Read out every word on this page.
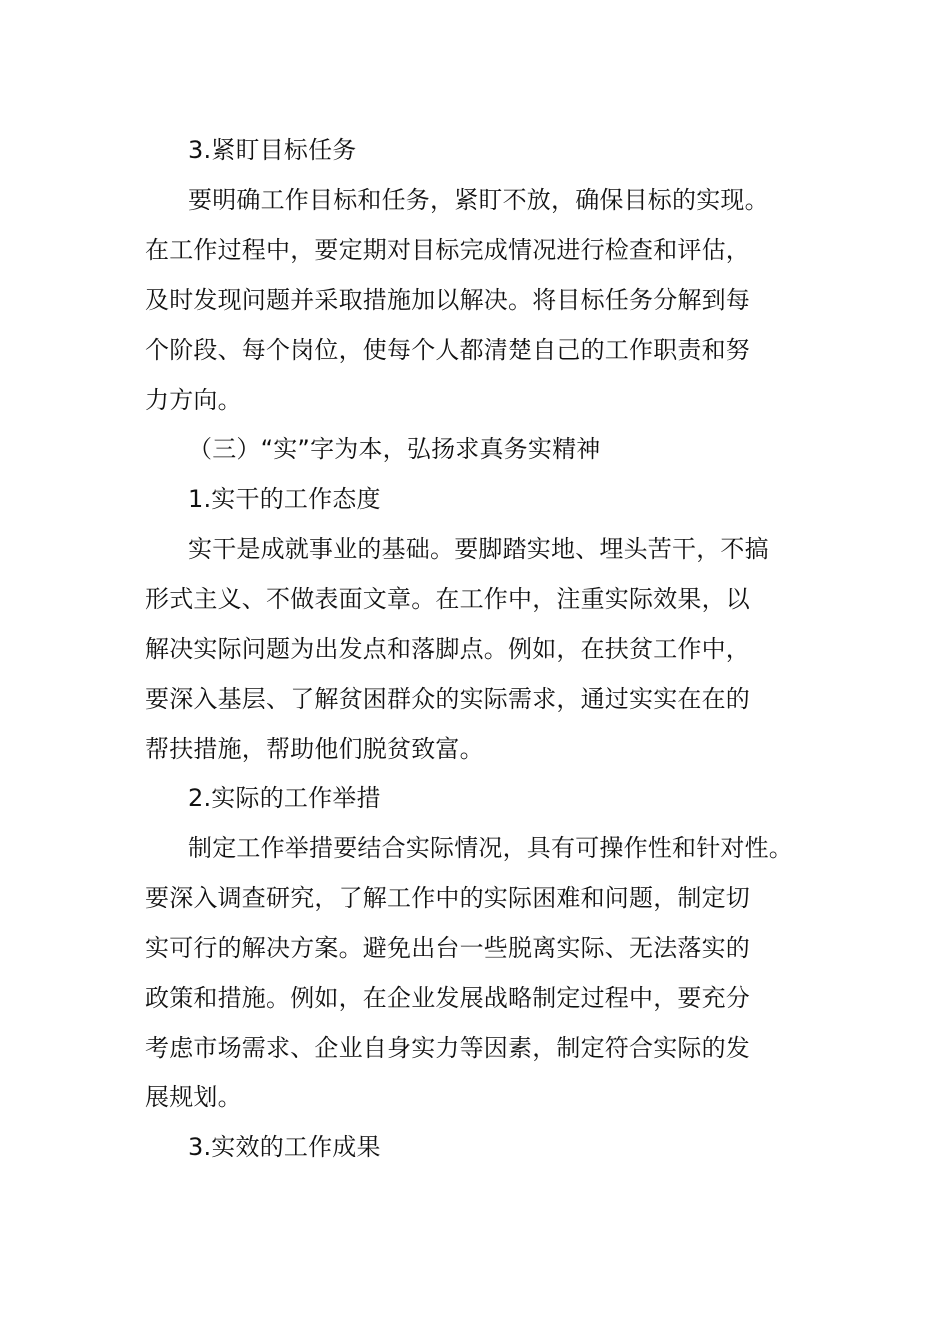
3.紧盯目标任务
要明确工作目标和任务，紧盯不放，确保目标的实现。
在工作过程中，要定期对目标完成情况进行检查和评估，
及时发现问题并采取措施加以解决。将目标任务分解到每
个阶段、每个岗位，使每个人都清楚自己的工作职责和努
力方向。
（三）“实”字为本，弘扬求真务实精神
1.实干的工作态度
实干是成就事业的基础。要脚踏实地、埋头苦干，不搞
形式主义、不做表面文章。在工作中，注重实际效果，以
解决实际问题为出发点和落脚点。例如，在扶贫工作中，
要深入基层、了解贫困群众的实际需求，通过实实在在的
帮扶措施，帮助他们脱贫致富。
2.实际的工作举措
制定工作举措要结合实际情况，具有可操作性和针对性。
要深入调查研究，了解工作中的实际困难和问题，制定切
实可行的解决方案。避免出台一些脱离实际、无法落实的
政策和措施。例如，在企业发展战略制定过程中，要充分
考虑市场需求、企业自身实力等因素，制定符合实际的发
展规划。
3.实效的工作成果
